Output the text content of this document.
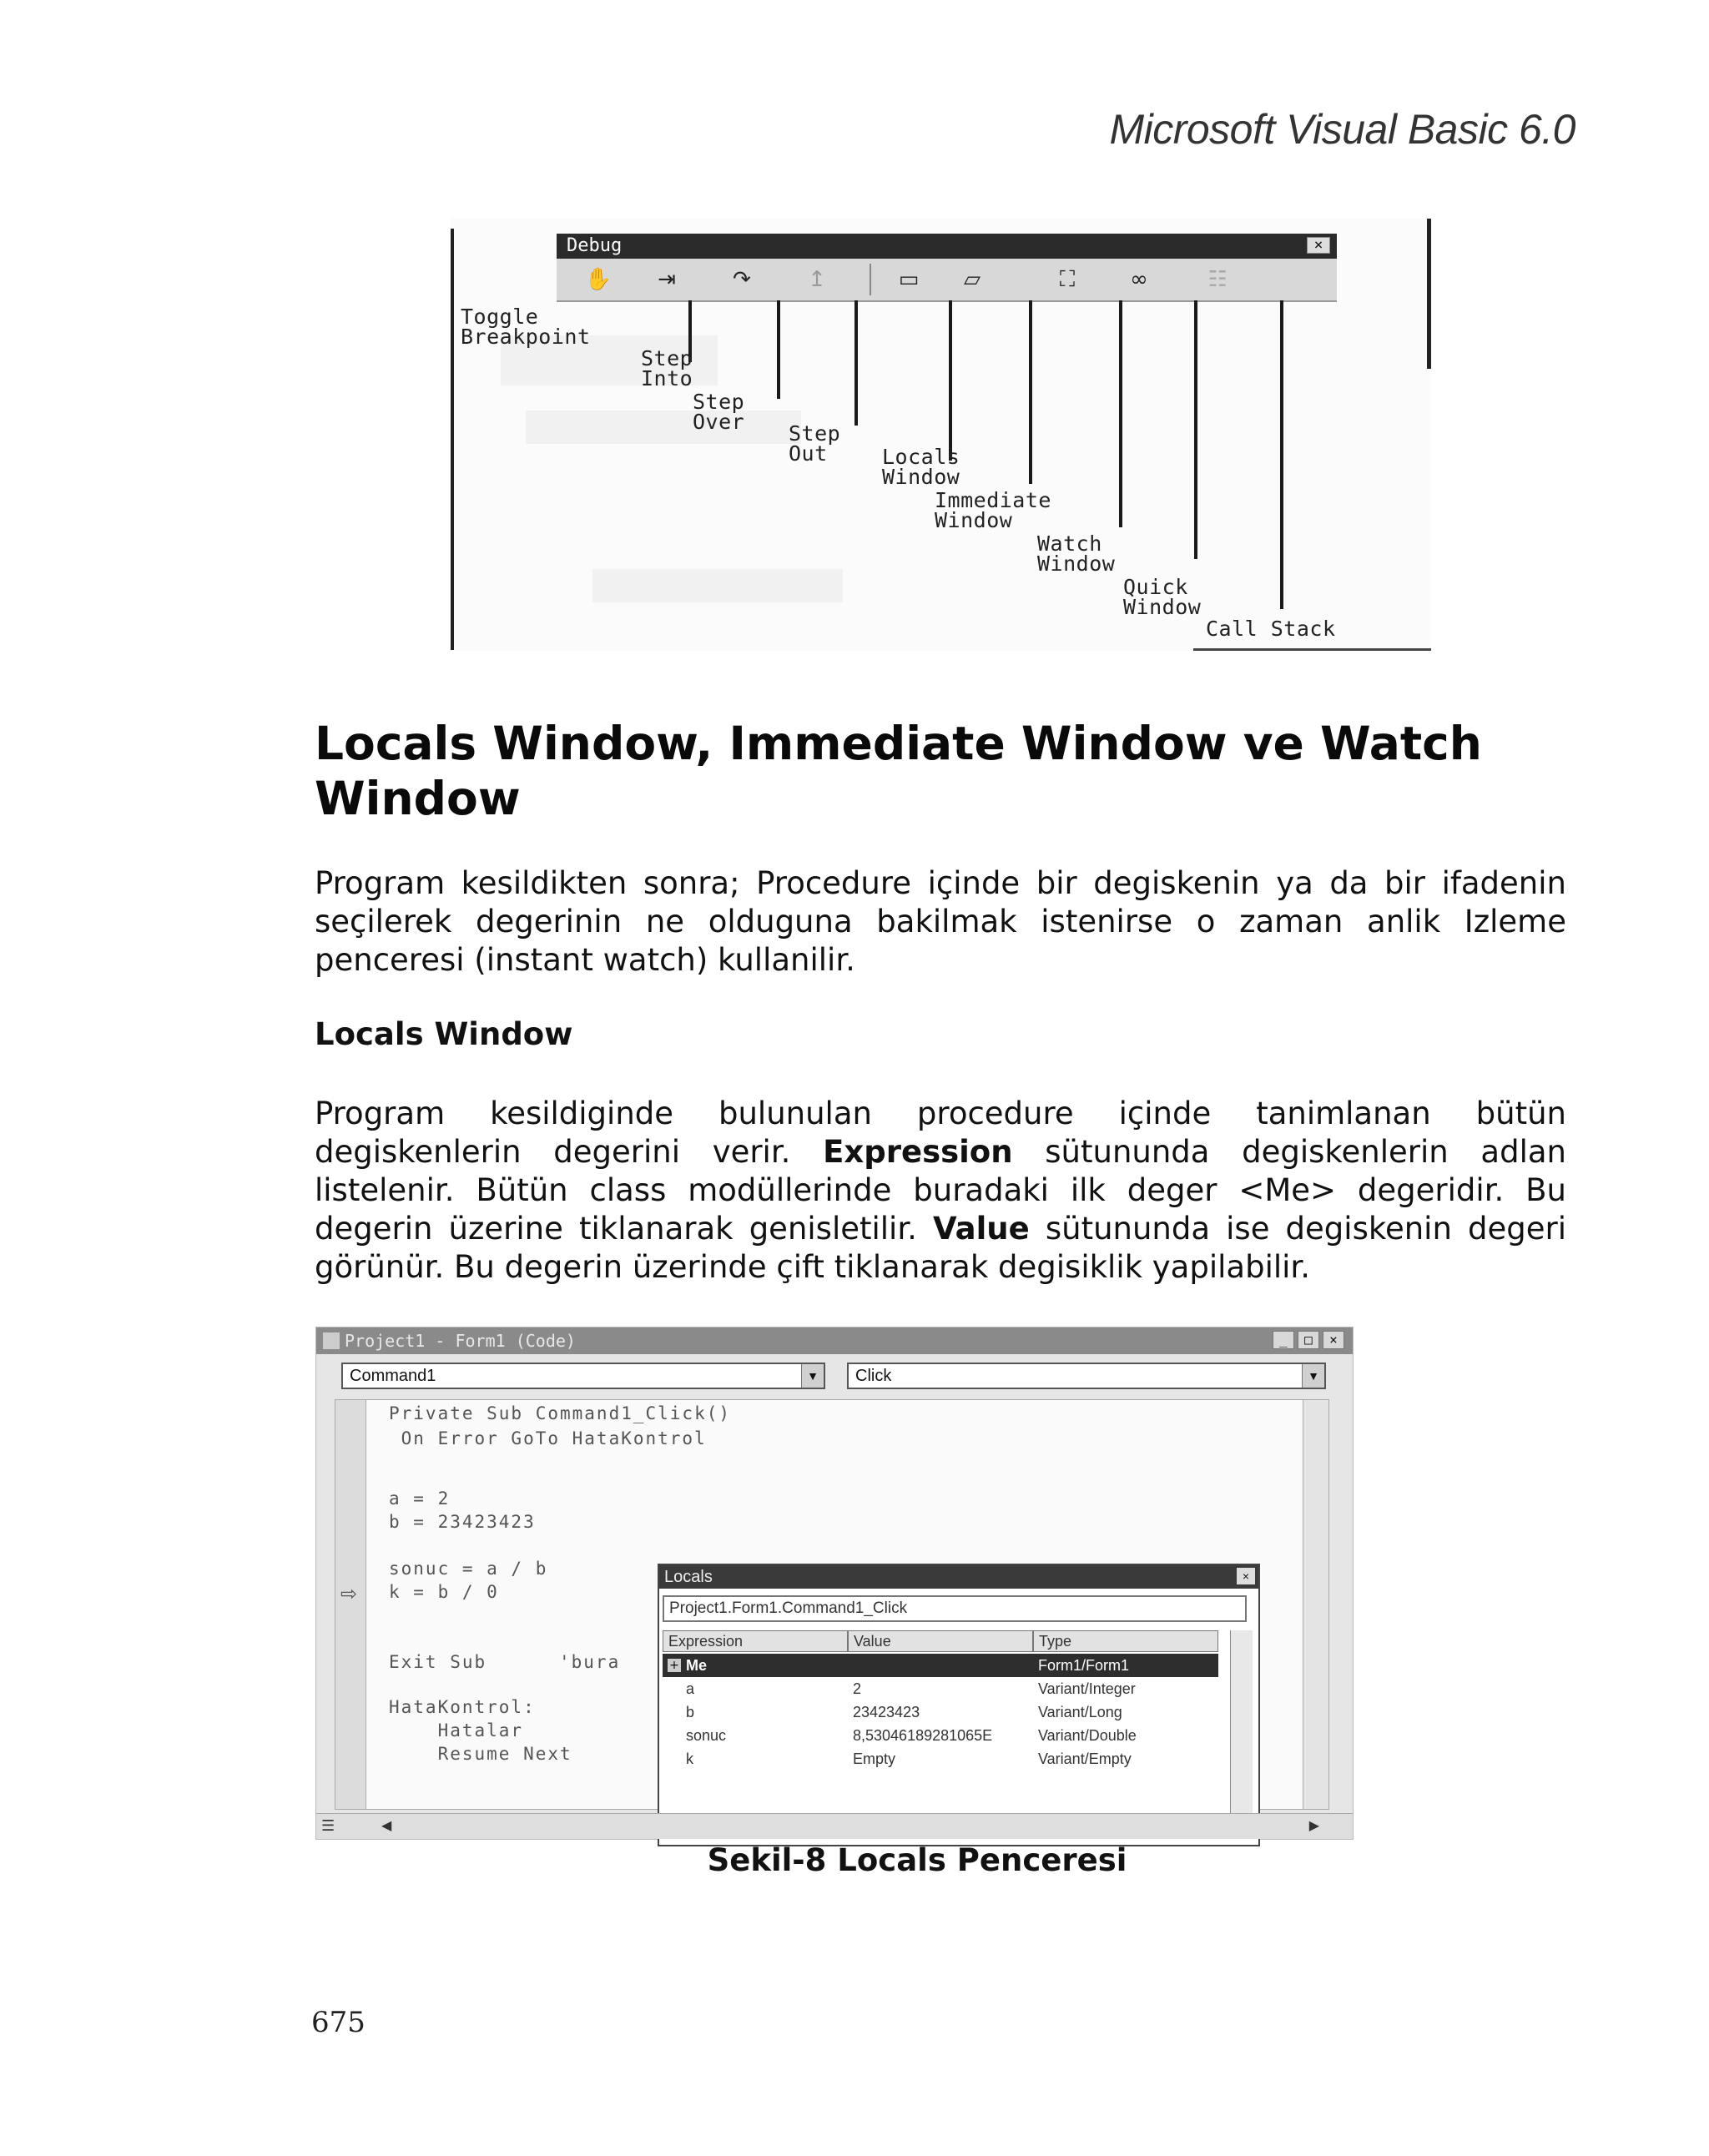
Microsoft Visual Basic 6.0
Debug	×
✋	⇥	↷	↥	▭	▱	⛶	∞	☷
Toggle
Breakpoint
Step
Into
Step
Over Step
Out	Locals
Window
Immediate
Window
Watch
Window
Quick
Window
Call Stack
Locals Window, Immediate Window ve Watch Window
Program kesildikten sonra; Procedure içinde bir degiskenin ya da bir ifadenin seçilerek degerinin ne olduguna bakilmak istenirse o zaman anlik Izleme penceresi (instant watch) kullanilir.
Locals Window
Program kesildiginde bulunulan procedure içinde tanimlanan bütün degiskenlerin degerini verir. Expression sütununda degiskenlerin adlan listelenir. Bütün class modüllerinde buradaki ilk deger <Me> degeridir. Bu degerin üzerine tiklanarak genisletilir. Value sütununda ise degiskenin degeri görünür. Bu degerin üzerinde çift tiklanarak degisiklik yapilabilir.
Project1 - Form1 (Code)	_	□	×
Command1	▼	Click	▼
⇨
Private Sub Command1_Click()
On Error GoTo HataKontrol
a = 2
b = 23423423
sonuc = a / b
k = b / 0
Exit Sub	'bura
HataKontrol:
Hatalar
Resume Next
Locals	×
Project1.Form1.Command1_Click
Expression	Value	Type
+ Me	Form1/Form1
a	2	Variant/Integer
b	23423423	Variant/Long
sonuc	8,53046189281065E	Variant/Double
k	Empty	Variant/Empty
☰	◀	▶
Sekil-8 Locals Penceresi
675
